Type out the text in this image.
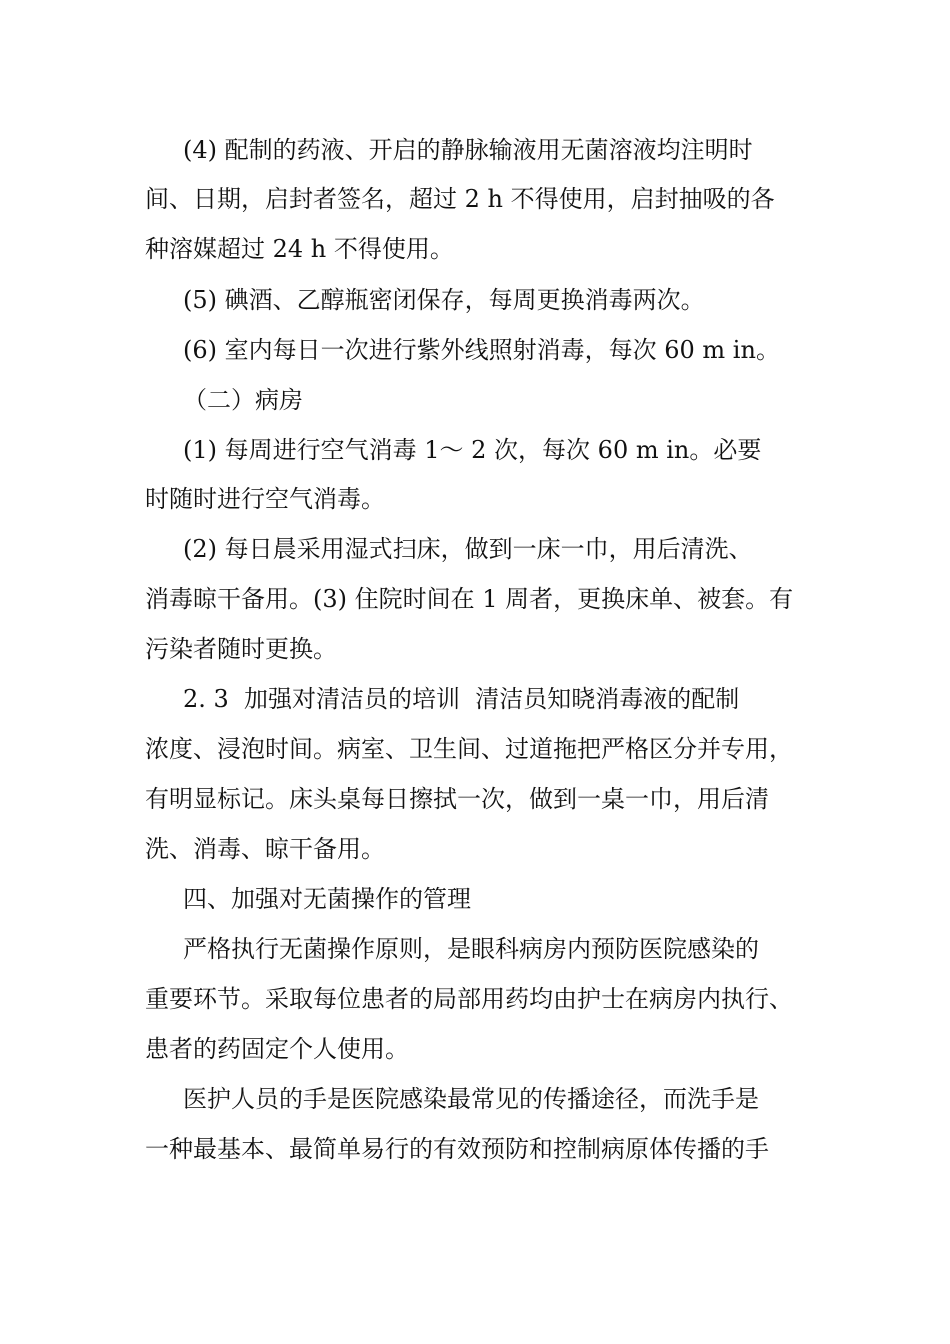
(4) 配制的药液、开启的静脉输液用无菌溶液均注明时
间、日期，启封者签名，超过 2 h 不得使用，启封抽吸的各
种溶媒超过 24 h 不得使用。
(5) 碘酒、乙醇瓶密闭保存，每周更换消毒两次。
(6) 室内每日一次进行紫外线照射消毒，每次 60 m in。
（二）病房
(1) 每周进行空气消毒 1～ 2 次，每次 60 m in。必要
时随时进行空气消毒。
(2) 每日晨采用湿式扫床，做到一床一巾，用后清洗、
消毒晾干备用。(3) 住院时间在 1 周者，更换床单、被套。有
污染者随时更换。
2. 3  加强对清洁员的培训  清洁员知晓消毒液的配制
浓度、浸泡时间。病室、卫生间、过道拖把严格区分并专用，
有明显标记。床头桌每日擦拭一次，做到一桌一巾，用后清
洗、消毒、晾干备用。
四、加强对无菌操作的管理
严格执行无菌操作原则，是眼科病房内预防医院感染的
重要环节。采取每位患者的局部用药均由护士在病房内执行、
患者的药固定个人使用。
医护人员的手是医院感染最常见的传播途径，而洗手是
一种最基本、最简单易行的有效预防和控制病原体传播的手
